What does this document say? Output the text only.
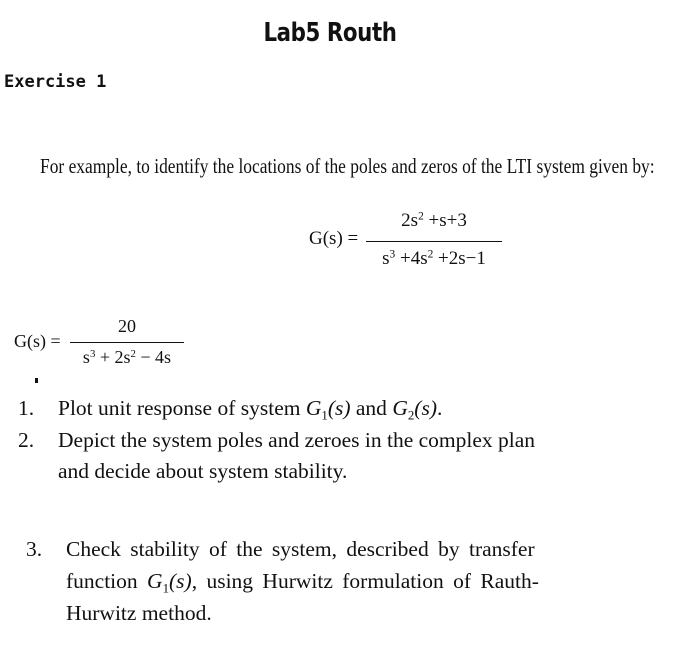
Lab5 Routh
Exercise 1
For example, to identify the locations of the poles and zeros of the LTI system given by:
G(s) =
$2s^2 +s+3$
$s^3 +4s^2 +2s-1$
G(s) =
20
$s^3 + 2s^2 - 4s$
1. Plot unit response of system $G_1(s)$ and $G_2(s)$.
2. Depict the system poles and zeroes in the complex plan
and decide about system stability.
3. Check stability of the system, described by transfer
function $G_1(s)$, using Hurwitz formulation of Rauth-
Hurwitz method.
